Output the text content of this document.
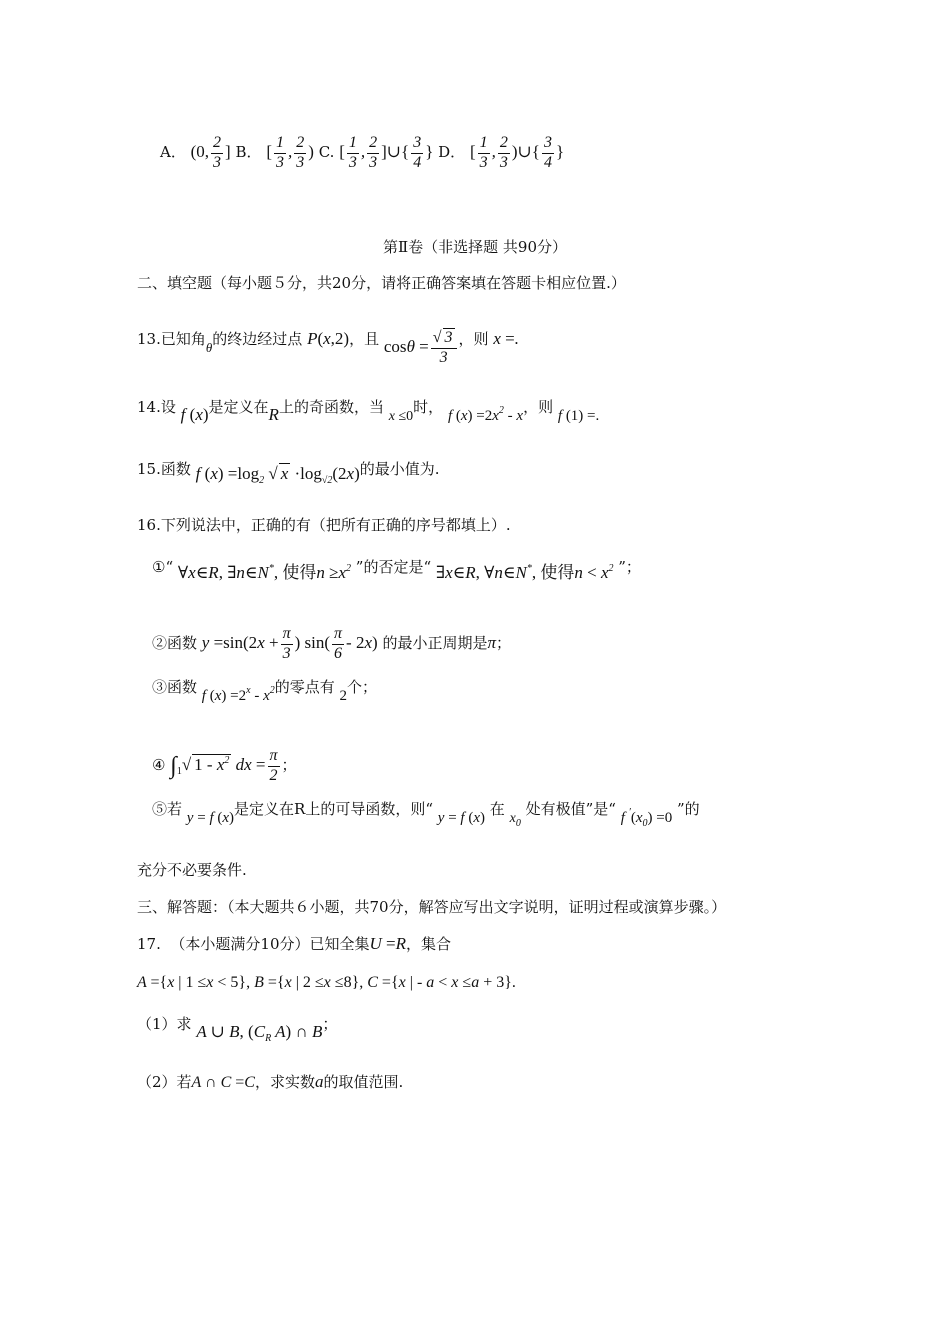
A． (0, $\frac{2}{3}$ ] B． [ $\frac{1}{3}$ , $\frac{2}{3}$ ) C. [ $\frac{1}{3}$ , $\frac{2}{3}$ ]∪{ $\frac{3}{4}$ } D． [ $\frac{1}{3}$ , $\frac{2}{3}$ )∪{ $\frac{3}{4}$ }
第Ⅱ卷（非选择题 共90分）
二、填空题（每小题５分，共20分，请将正确答案填在答题卡相应位置.）
13.已知角θ的终边经过点 P(x,2)，且 $\cos\theta = \frac{√ 3}{3}$ ，则 x =.
14.设 f (x)是定义在R上的奇函数，当 x ≤0时， f $(x) =2x^2 - x$，则 f (1) =.
15.函数 f $(x) =\log_2$ √ $x \cdot\log_{√2}(2x)$的最小值为.
16.下列说法中，正确的有（把所有正确的序号都填上）.
①“ ∀x∈R, ∃n∈N*, 使得$n \ge x^2$ ”的否定是“ ∃x∈R, ∀n∈N*, 使得$n < x^2$ ”；
②函数 $y =\sin(2x + \frac{\pi}{3}$ ) $\sin( \frac{\pi}{6} - 2x)$ 的最小正周期是π；
③函数 f $(x) =2^x - x^2$的零点有 2个；
④ $\int_1√$ $1 - x^2$ dx = $\frac{\pi}{2}$ ；
⑤若 y = f (x)是定义在R上的可导函数，则“ y = f (x) 在 $x_0$ 处有极值”是“ f $'(x_0) =0$ ”的
充分不必要条件.
三、解答题：（本大题共６小题，共70分，解答应写出文字说明，证明过程或演算步骤。）
17. （本小题满分10分）已知全集U =R，集合
A ={x | 1 ≤x < 5}, B ={x | 2 ≤x ≤8}, C ={x | - a < x ≤a + 3}.
（1）求 A ∪ B, ($C_R$ A) ∩ B；
（2）若A ∩ C =C，求实数a的取值范围.
